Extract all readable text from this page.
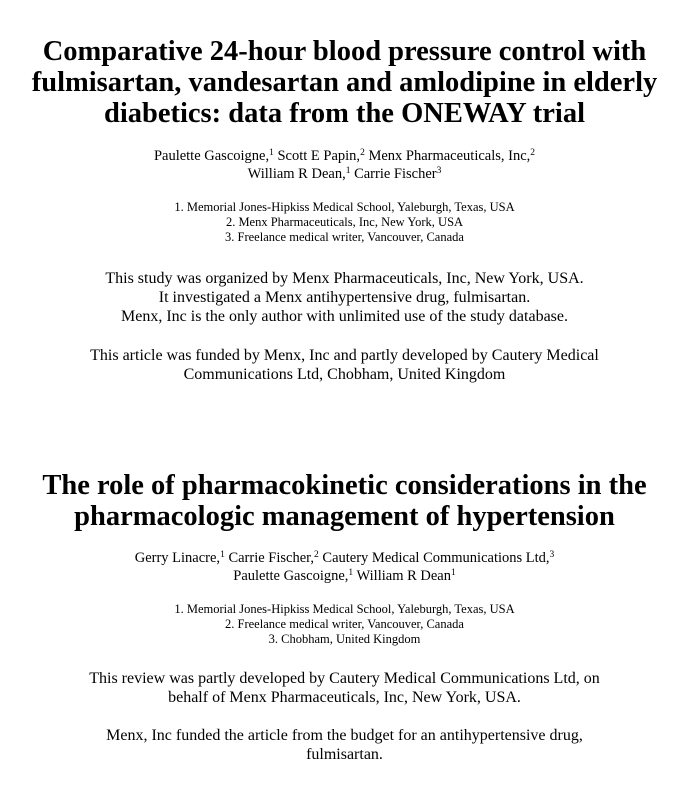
Comparative 24-hour blood pressure control with
fulmisartan, vandesartan and amlodipine in elderly
diabetics: data from the ONEWAY trial

Paulette Gascoigne,$^1$ Scott E Papin,$^2$ Menx Pharmaceuticals, Inc,$^2$
William R Dean,$^1$ Carrie Fischer$^3$

1. Memorial Jones-Hipkiss Medical School, Yaleburgh, Texas, USA
2. Menx Pharmaceuticals, Inc, New York, USA
3. Freelance medical writer, Vancouver, Canada

This study was organized by Menx Pharmaceuticals, Inc, New York, USA.
It investigated a Menx antihypertensive drug, fulmisartan.
Menx, Inc is the only author with unlimited use of the study database.

This article was funded by Menx, Inc and partly developed by Cautery Medical
Communications Ltd, Chobham, United Kingdom

The role of pharmacokinetic considerations in the
pharmacologic management of hypertension

Gerry Linacre,$^1$ Carrie Fischer,$^2$ Cautery Medical Communications Ltd,$^3$
Paulette Gascoigne,$^1$ William R Dean$^1$

1. Memorial Jones-Hipkiss Medical School, Yaleburgh, Texas, USA
2. Freelance medical writer, Vancouver, Canada
3. Chobham, United Kingdom

This review was partly developed by Cautery Medical Communications Ltd, on
behalf of Menx Pharmaceuticals, Inc, New York, USA.

Menx, Inc funded the article from the budget for an antihypertensive drug,
fulmisartan.
